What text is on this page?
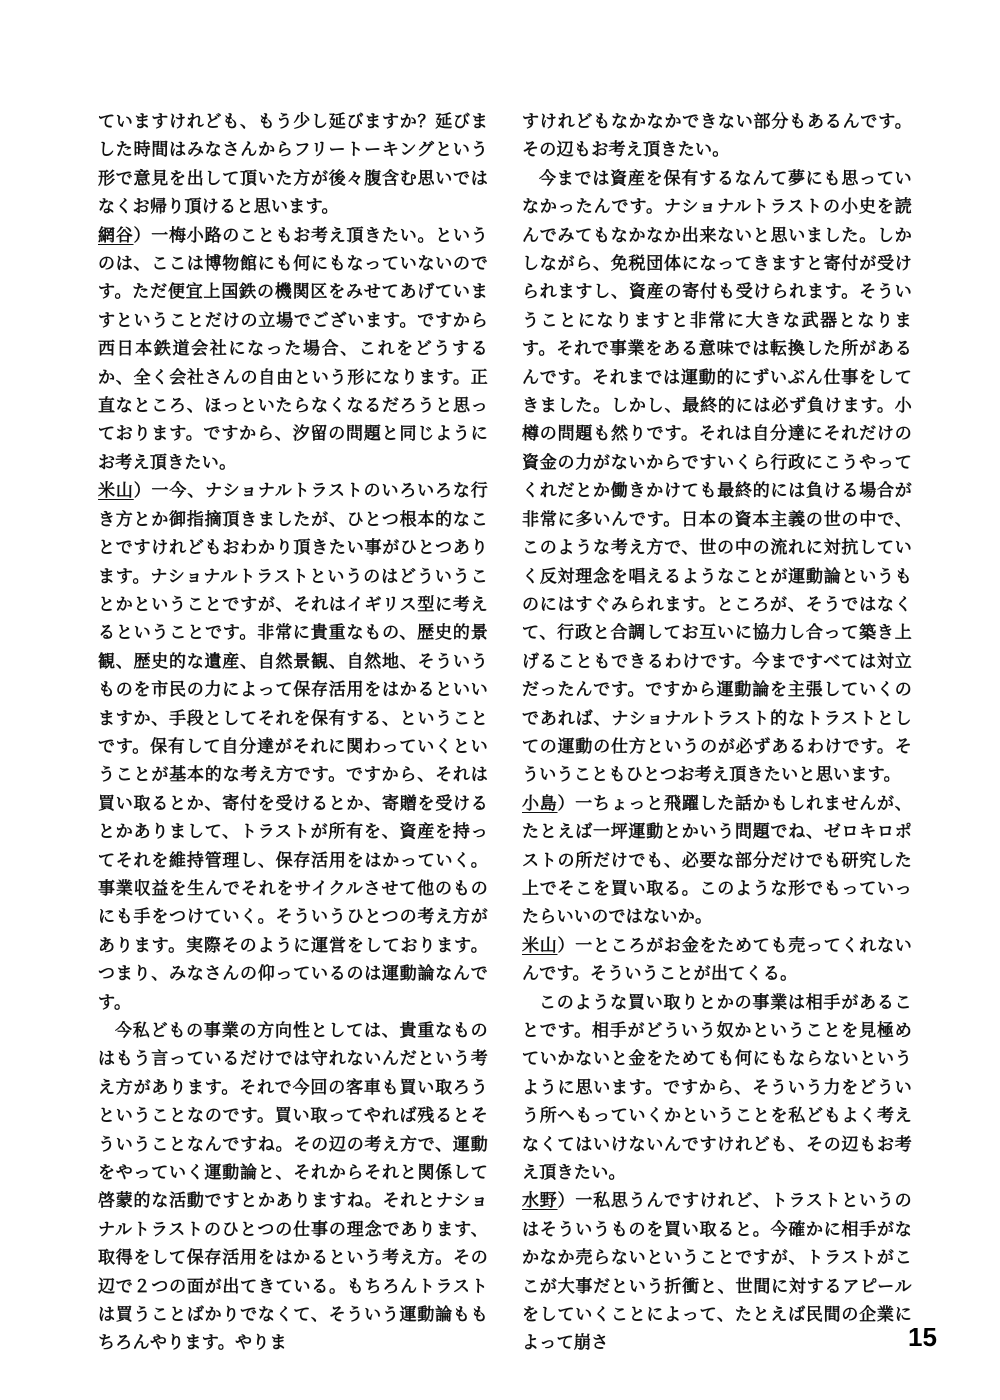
ていますけれども、もう少し延びますか？延びました時間はみなさんからフリートーキングという形で意見を出して頂いた方が後々腹含む思いではなくお帰り頂けると思います。

網谷）一梅小路のこともお考え頂きたい。というのは、ここは博物館にも何にもなっていないのです。ただ便宜上国鉄の機関区をみせてあげていますということだけの立場でございます。ですから西日本鉄道会社になった場合、これをどうするか、全く会社さんの自由という形になります。正直なところ、ほっといたらなくなるだろうと思っております。ですから、汐留の問題と同じようにお考え頂きたい。

米山）一今、ナショナルトラストのいろいろな行き方とか御指摘頂きましたが、ひとつ根本的なことですけれどもおわかり頂きたい事がひとつあります。ナショナルトラストというのはどういうことかということですが、それはイギリス型に考えるということです。非常に貴重なもの、歴史的景観、歴史的な遺産、自然景観、自然地、そういうものを市民の力によって保存活用をはかるといいますか、手段としてそれを保有する、ということです。保有して自分達がそれに関わっていくということが基本的な考え方です。ですから、それは買い取るとか、寄付を受けるとか、寄贈を受けるとかありまして、トラストが所有を、資産を持ってそれを維持管理し、保存活用をはかっていく。事業収益を生んでそれをサイクルさせて他のものにも手をつけていく。そういうひとつの考え方があります。実際そのように運営をしております。つまり、みなさんの仰っているのは運動論なんです。

今私どもの事業の方向性としては、貴重なものはもう言っているだけでは守れないんだという考え方があります。それで今回の客車も買い取ろうということなのです。買い取ってやれば残るとそういうことなんですね。その辺の考え方で、運動をやっていく運動論と、それからそれと関係して啓蒙的な活動ですとかありますね。それとナショナルトラストのひとつの仕事の理念であります、取得をして保存活用をはかるという考え方。その辺で２つの面が出てきている。もちろんトラストは買うことばかりでなくて、そういう運動論ももちろんやります。やりま

すけれどもなかなかできない部分もあるんです。その辺もお考え頂きたい。

今までは資産を保有するなんて夢にも思っていなかったんです。ナショナルトラストの小史を読んでみてもなかなか出来ないと思いました。しかしながら、免税団体になってきますと寄付が受けられますし、資産の寄付も受けられます。そういうことになりますと非常に大きな武器となります。それで事業をある意味では転換した所があるんです。それまでは運動的にずいぶん仕事をしてきました。しかし、最終的には必ず負けます。小樽の問題も然りです。それは自分達にそれだけの資金の力がないからですいくら行政にこうやってくれだとか働きかけても最終的には負ける場合が非常に多いんです。日本の資本主義の世の中で、このような考え方で、世の中の流れに対抗していく反対理念を唱えるようなことが運動論というものにはすぐみられます。ところが、そうではなくて、行政と合調してお互いに協力し合って築き上げることもできるわけです。今まですべては対立だったんです。ですから運動論を主張していくのであれば、ナショナルトラスト的なトラストとしての運動の仕方というのが必ずあるわけです。そういうこともひとつお考え頂きたいと思います。

小島）一ちょっと飛躍した話かもしれませんが、たとえば一坪運動とかいう問題でね、ゼロキロポストの所だけでも、必要な部分だけでも研究した上でそこを買い取る。このような形でもっていったらいいのではないか。

米山）一ところがお金をためても売ってくれないんです。そういうことが出てくる。

このような買い取りとかの事業は相手があることです。相手がどういう奴かということを見極めていかないと金をためても何にもならないというように思います。ですから、そういう力をどういう所へもっていくかということを私どもよく考えなくてはいけないんですけれども、その辺もお考え頂きたい。

水野）一私思うんですけれど、トラストというのはそういうものを買い取ると。今確かに相手がなかなか売らないということですが、トラストがここが大事だという折衝と、世間に対するアピールをしていくことによって、たとえば民間の企業によって崩さ	15
